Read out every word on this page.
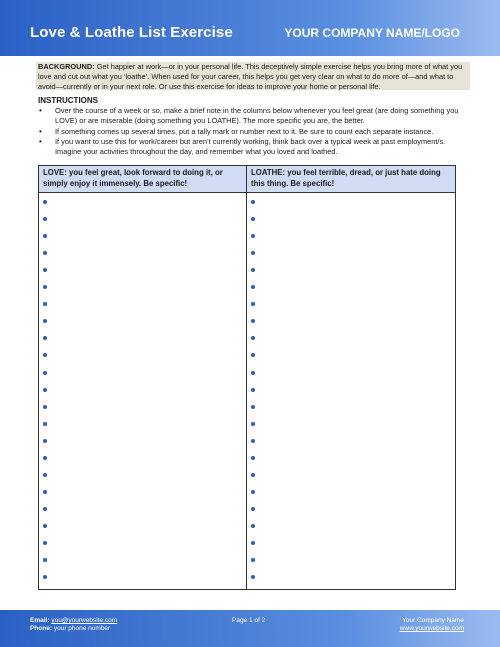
Love & Loathe List Exercise	YOUR COMPANY NAME/LOGO
BACKGROUND: Get happier at work—or in your personal life. This deceptively simple exercise helps you bring more of what you love and cut out what you ‘loathe’. When used for your career, this helps you get very clear on what to do more of—and what to avoid—currently or in your next role. Or use this exercise for ideas to improve your home or personal life.
INSTRUCTIONS
• Over the course of a week or so, make a brief note in the columns below whenever you feel great (are doing something you LOVE) or are miserable (doing something you LOATHE). The more specific you are, the better.
• If something comes up several times, put a tally mark or number next to it. Be sure to count each separate instance.
• If you want to use this for work/career but aren’t currently working, think back over a typical week at past employment/s. Imagine your activities throughout the day, and remember what you loved and loathed.
LOVE: you feel great, look forward to doing it, or simply enjoy it immensely. Be specific!
LOATHE: you feel terrible, dread, or just hate doing this thing. Be specific!
Email: you@yourwebsite.com
Phone: your phone number
Page 1 of 2	Your Company Name
www.yourwebsite.com
